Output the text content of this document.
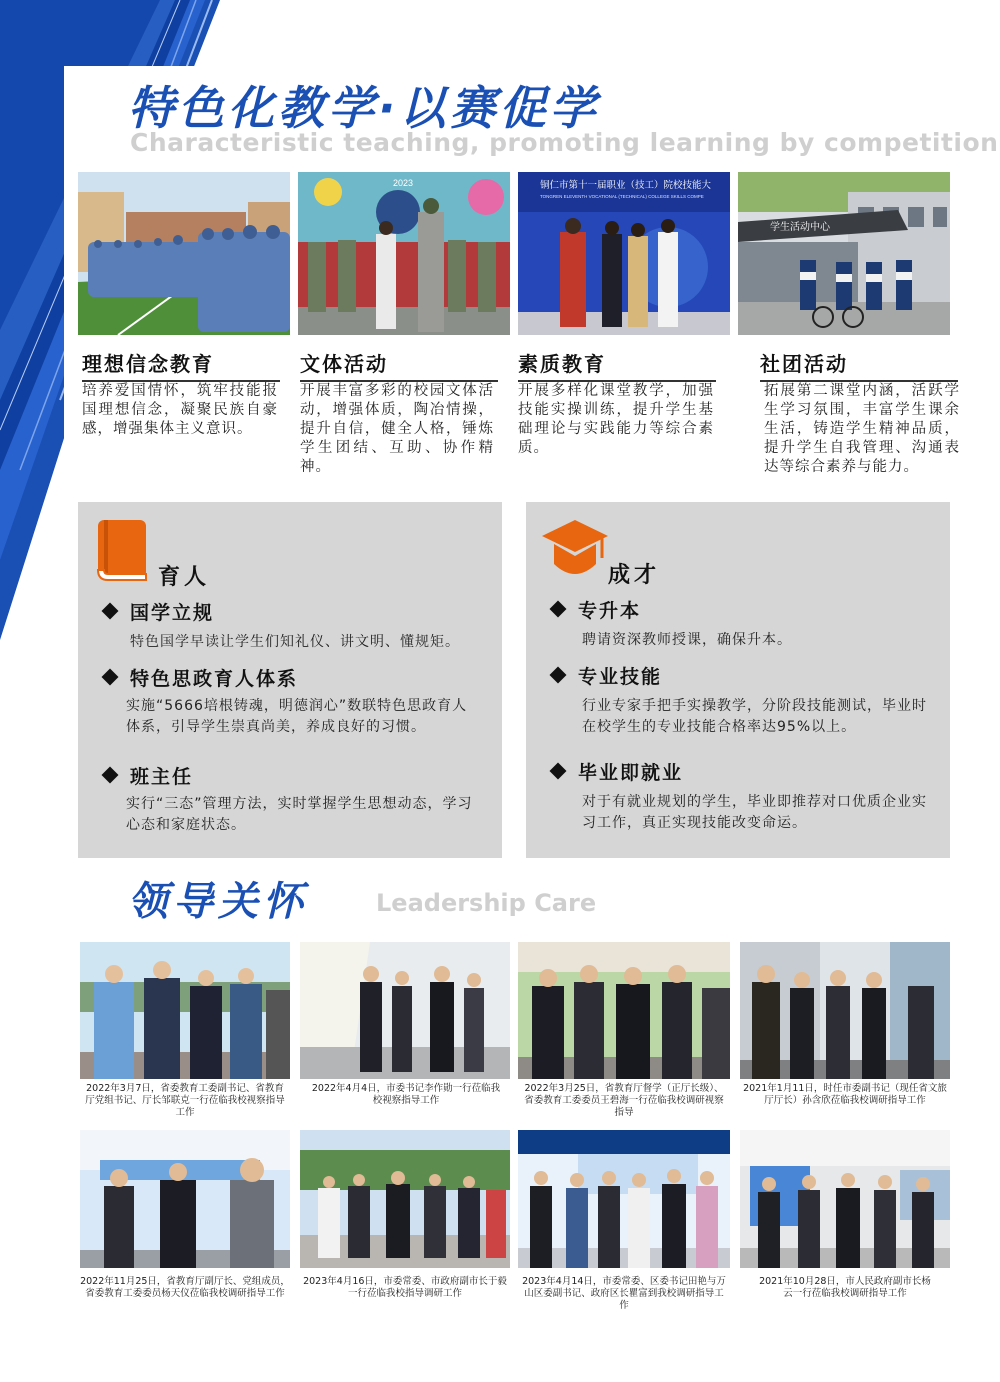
特色化教学·以赛促学
Characteristic teaching, promoting learning by competition
2023	铜仁市第十一届职业（技工）院校技能大
TONGREN ELEVENTH VOCATIONAL (TECHNICAL) COLLEGE SKILLS COMPE
学生活动中心
理想信念教育
培养爱国情怀，筑牢技能报国理想信念，凝聚民族自豪感，增强集体主义意识。
文体活动
开展丰富多彩的校园文体活动，增强体质，陶冶情操，提升自信，健全人格，锤炼学生团结、互助、协作精神。
素质教育
开展多样化课堂教学，加强技能实操训练，提升学生基础理论与实践能力等综合素质。
社团活动
拓展第二课堂内涵，活跃学生学习氛围，丰富学生课余生活，铸造学生精神品质，提升学生自我管理、沟通表达等综合素养与能力。
育人
国学立规
特色国学早读让学生们知礼仪、讲文明、懂规矩。
特色思政育人体系
实施“5666培根铸魂，明德润心”数联特色思政育人体系，引导学生崇真尚美，养成良好的习惯。
班主任
实行“三态”管理方法，实时掌握学生思想动态，学习心态和家庭状态。
成才
专升本
聘请资深教师授课，确保升本。
专业技能
行业专家手把手实操教学，分阶段技能测试，毕业时在校学生的专业技能合格率达95%以上。
毕业即就业
对于有就业规划的学生，毕业即推荐对口优质企业实习工作，真正实现技能改变命运。
领导关怀	Leadership Care
2022年3月7日，省委教育工委副书记、省教育厅党组书记、厅长邹联克一行莅临我校视察指导工作
2022年4月4日，市委书记李作勋一行莅临我校视察指导工作
2022年3月25日，省教育厅督学（正厅长级）、省委教育工委委员王碧海一行莅临我校调研视察指导
2021年1月11日，时任市委副书记（现任省文旅厅厅长）孙含欣莅临我校调研指导工作
2022年11月25日，省教育厅副厅长、党组成员，省委教育工委委员杨天仪莅临我校调研指导工作
2023年4月16日，市委常委、市政府副市长于毅一行莅临我校指导调研工作
2023年4月14日，市委常委、区委书记田艳与万山区委副书记、政府区长瞿富到我校调研指导工作
2021年10月28日，市人民政府副市长杨云一行莅临我校调研指导工作
